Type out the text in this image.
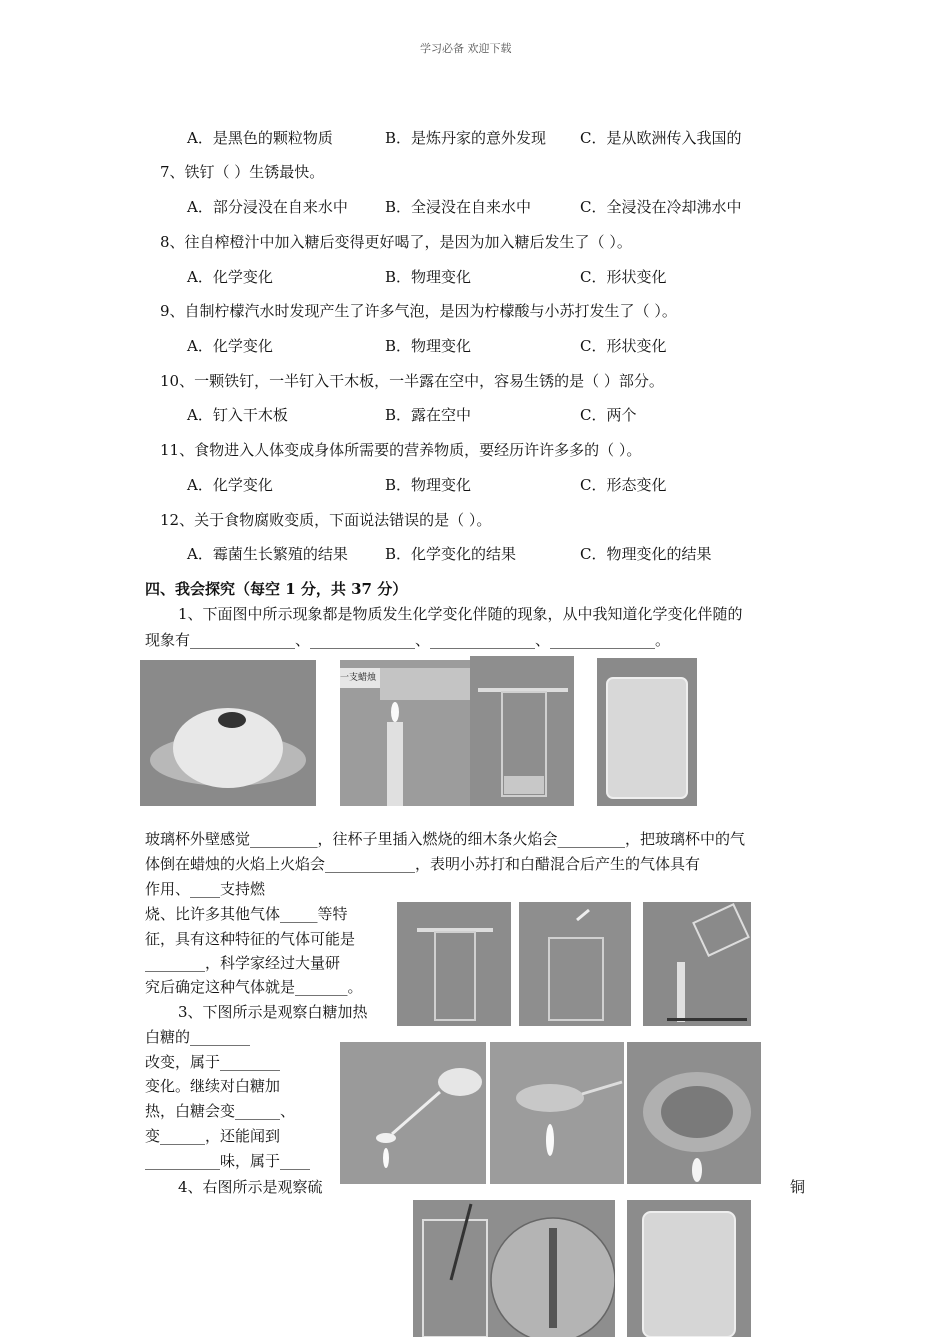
学习必备 欢迎下载
A．是黑色的颗粒物质	B．是炼丹家的意外发现 C．是从欧洲传入我国的
7、铁钉（ ）生锈最快。
A．部分浸没在自来水中 B．全浸没在自来水中	C．全浸没在冷却沸水中
8、往自榨橙汁中加入糖后变得更好喝了，是因为加入糖后发生了（ ）。
A．化学变化	B．物理变化	C．形状变化
9、自制柠檬汽水时发现产生了许多气泡，是因为柠檬酸与小苏打发生了（ ）。
A．化学变化	B．物理变化	C．形状变化
10、一颗铁钉，一半钉入干木板，一半露在空中，容易生锈的是（ ）部分。
A．钉入干木板	B．露在空中	C．两个
11、食物进入人体变成身体所需要的营养物质，要经历许许多多的（ ）。
A．化学变化	B．物理变化	C．形态变化
12、关于食物腐败变质，下面说法错误的是（ ）。
A．霉菌生长繁殖的结果 B．化学变化的结果	C．物理变化的结果
四、我会探究（每空 1 分，共 37 分）
1、下面图中所示现象都是物质发生化学变化伴随的现象，从中我知道化学变化伴随的
现象有______________、______________、______________、______________。
一支蜡烛
玻璃杯外壁感觉_________，往杯子里插入燃烧的细木条火焰会_________，把玻璃杯中的气
体倒在蜡烛的火焰上火焰会____________，表明小苏打和白醋混合后产生的气体具有
作用、____支持燃
烧、比许多其他气体_____等特
征，具有这种特征的气体可能是
________，科学家经过大量研
究后确定这种气体就是_______。
3、下图所示是观察白糖加热
白糖的________
改变，属于________
变化。继续对白糖加
热，白糖会变______、
变______，还能闻到
__________味，属于____
4、右图所示是观察硫	铜
